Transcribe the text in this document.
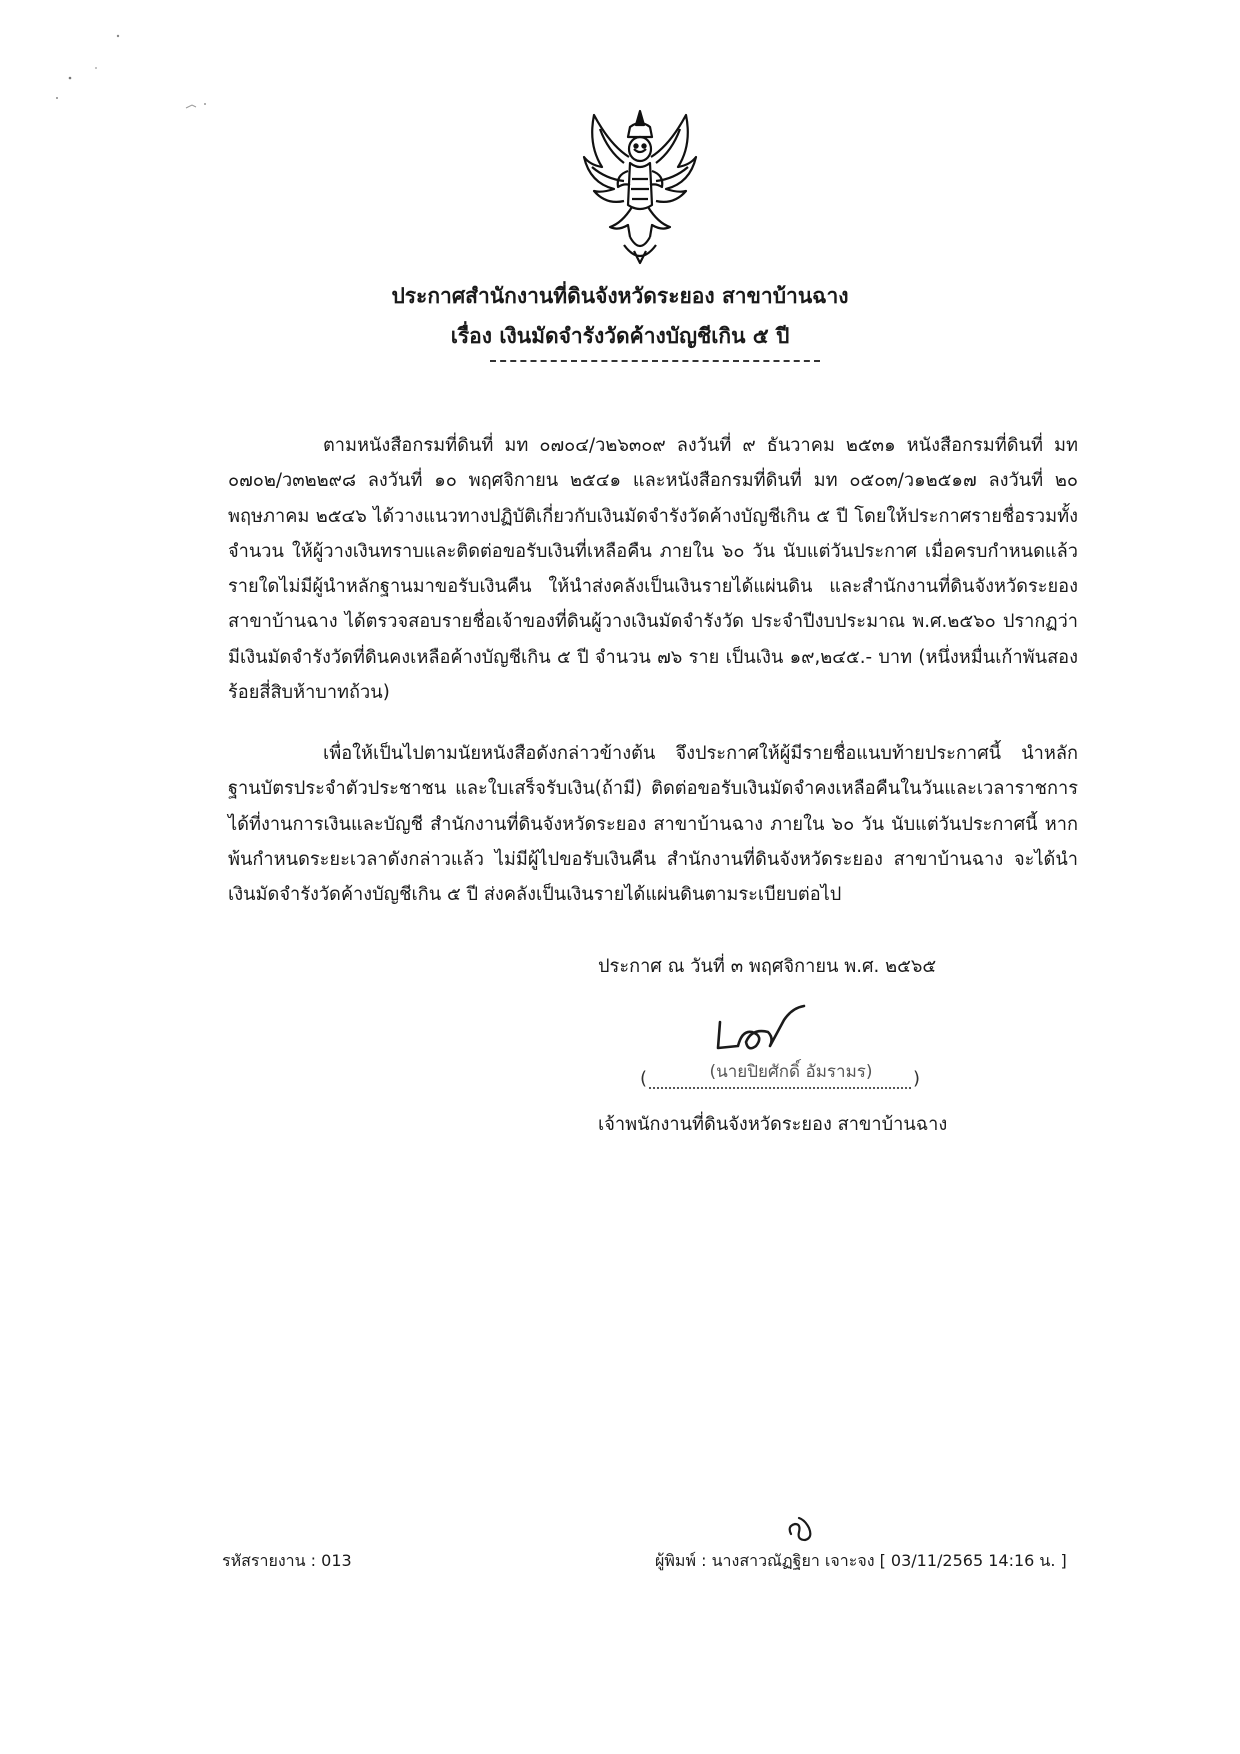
ประกาศสำนักงานที่ดินจังหวัดระยอง สาขาบ้านฉาง
เรื่อง เงินมัดจำรังวัดค้างบัญชีเกิน ๕ ปี

ตามหนังสือกรมที่ดินที่ มท ๐๗๐๔/ว๒๖๓๐๙ ลงวันที่ ๙ ธันวาคม ๒๕๓๑ หนังสือกรมที่ดินที่ มท ๐๗๐๒/ว๓๒๒๙๘ ลงวันที่ ๑๐ พฤศจิกายน ๒๕๔๑ และหนังสือกรมที่ดินที่ มท ๐๕๐๓/ว๑๒๕๑๗ ลงวันที่ ๒๐ พฤษภาคม ๒๕๔๖ ได้วางแนวทางปฏิบัติเกี่ยวกับเงินมัดจำรังวัดค้างบัญชีเกิน ๕ ปี โดยให้ประกาศรายชื่อรวมทั้งจำนวน ให้ผู้วางเงินทราบและติดต่อขอรับเงินที่เหลือคืน ภายใน ๖๐ วัน นับแต่วันประกาศ เมื่อครบกำหนดแล้ว รายใดไม่มีผู้นำหลักฐานมาขอรับเงินคืน ให้นำส่งคลังเป็นเงินรายได้แผ่นดิน และสำนักงานที่ดินจังหวัดระยอง สาขาบ้านฉาง ได้ตรวจสอบรายชื่อเจ้าของที่ดินผู้วางเงินมัดจำรังวัด ประจำปีงบประมาณ พ.ศ.๒๕๖๐ ปรากฏว่ามีเงินมัดจำรังวัดที่ดินคงเหลือค้างบัญชีเกิน ๕ ปี จำนวน ๗๖ ราย เป็นเงิน ๑๙,๒๔๕.- บาท (หนึ่งหมื่นเก้าพันสองร้อยสี่สิบห้าบาทถ้วน)

เพื่อให้เป็นไปตามนัยหนังสือดังกล่าวข้างต้น จึงประกาศให้ผู้มีรายชื่อแนบท้ายประกาศนี้ นำหลักฐานบัตรประจำตัวประชาชน และใบเสร็จรับเงิน(ถ้ามี) ติดต่อขอรับเงินมัดจำคงเหลือคืนในวันและเวลาราชการ ได้ที่งานการเงินและบัญชี สำนักงานที่ดินจังหวัดระยอง สาขาบ้านฉาง ภายใน ๖๐ วัน นับแต่วันประกาศนี้ หากพ้นกำหนดระยะเวลาดังกล่าวแล้ว ไม่มีผู้ไปขอรับเงินคืน สำนักงานที่ดินจังหวัดระยอง สาขาบ้านฉาง จะได้นำเงินมัดจำรังวัดค้างบัญชีเกิน ๕ ปี ส่งคลังเป็นเงินรายได้แผ่นดินตามระเบียบต่อไป

ประกาศ ณ วันที่ ๓ พฤศจิกายน พ.ศ. ๒๕๖๕
(	)
(นายปิยศักดิ์ อัมรามร)
เจ้าพนักงานที่ดินจังหวัดระยอง สาขาบ้านฉาง
รหัสรายงาน : 013	ผู้พิมพ์ : นางสาวณัฏฐิยา เจาะจง [ 03/11/2565 14:16 น. ]
